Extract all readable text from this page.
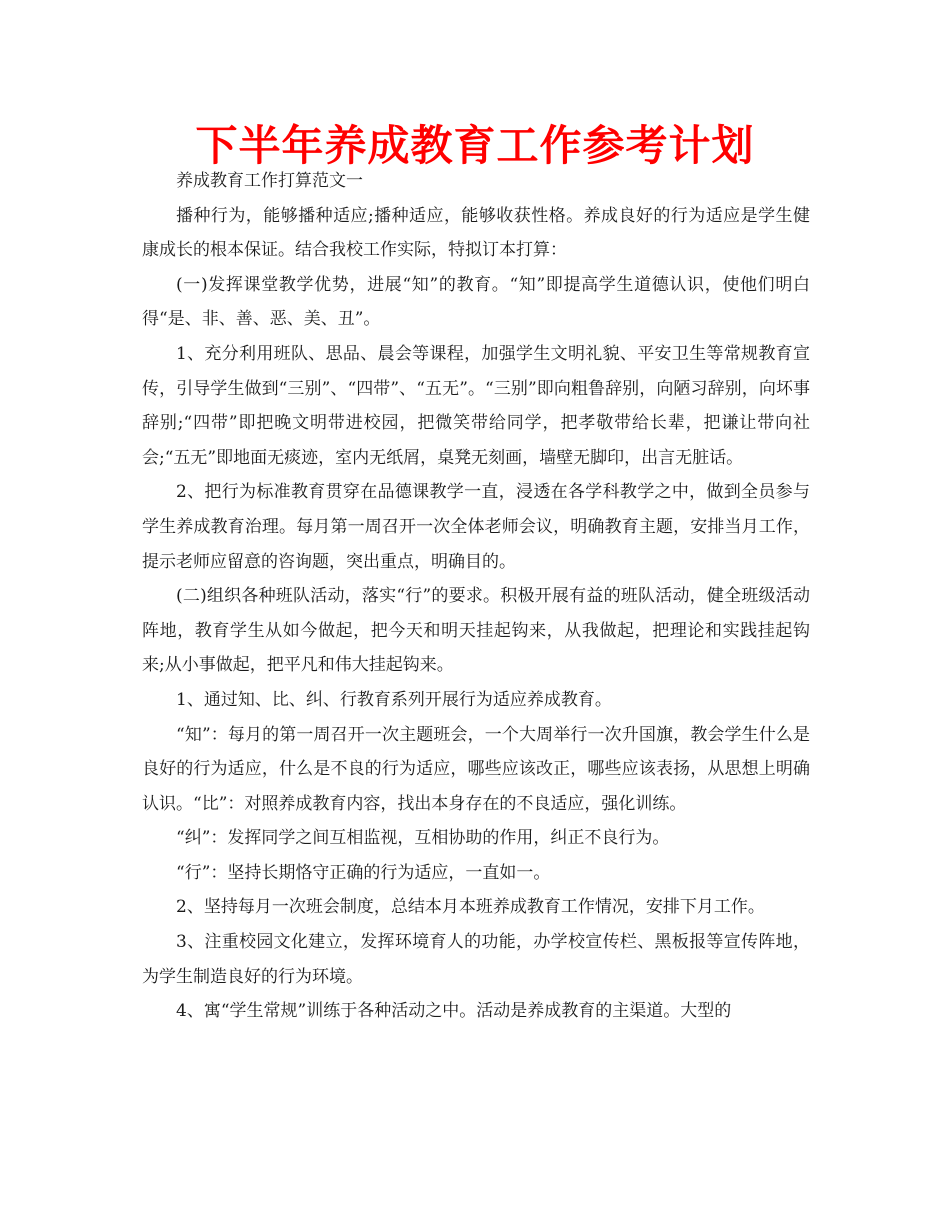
下半年养成教育工作参考计划

养成教育工作打算范文一

播种行为，能够播种适应;播种适应，能够收获性格。养成良好的行为适应是学生健康成长的根本保证。结合我校工作实际，特拟订本打算：

(一)发挥课堂教学优势，进展“知”的教育。“知”即提高学生道德认识，使他们明白得“是、非、善、恶、美、丑”。

1、充分利用班队、思品、晨会等课程，加强学生文明礼貌、平安卫生等常规教育宣传，引导学生做到“三别”、“四带”、“五无”。“三别”即向粗鲁辞别，向陋习辞别，向坏事辞别;“四带”即把晚文明带进校园，把微笑带给同学，把孝敬带给长辈，把谦让带向社会;“五无”即地面无痰迹，室内无纸屑，桌凳无刻画，墙壁无脚印，出言无脏话。

2、把行为标准教育贯穿在品德课教学一直，浸透在各学科教学之中，做到全员参与学生养成教育治理。每月第一周召开一次全体老师会议，明确教育主题，安排当月工作，提示老师应留意的咨询题，突出重点，明确目的。

(二)组织各种班队活动，落实“行”的要求。积极开展有益的班队活动，健全班级活动阵地，教育学生从如今做起，把今天和明天挂起钩来，从我做起，把理论和实践挂起钩来;从小事做起，把平凡和伟大挂起钩来。

1、通过知、比、纠、行教育系列开展行为适应养成教育。

“知”：每月的第一周召开一次主题班会，一个大周举行一次升国旗，教会学生什么是良好的行为适应，什么是不良的行为适应，哪些应该改正，哪些应该表扬，从思想上明确认识。“比”：对照养成教育内容，找出本身存在的不良适应，强化训练。

“纠”：发挥同学之间互相监视，互相协助的作用，纠正不良行为。

“行”：坚持长期恪守正确的行为适应，一直如一。

2、坚持每月一次班会制度，总结本月本班养成教育工作情况，安排下月工作。

3、注重校园文化建立，发挥环境育人的功能，办学校宣传栏、黑板报等宣传阵地，为学生制造良好的行为环境。

4、寓“学生常规”训练于各种活动之中。活动是养成教育的主渠道。大型的
